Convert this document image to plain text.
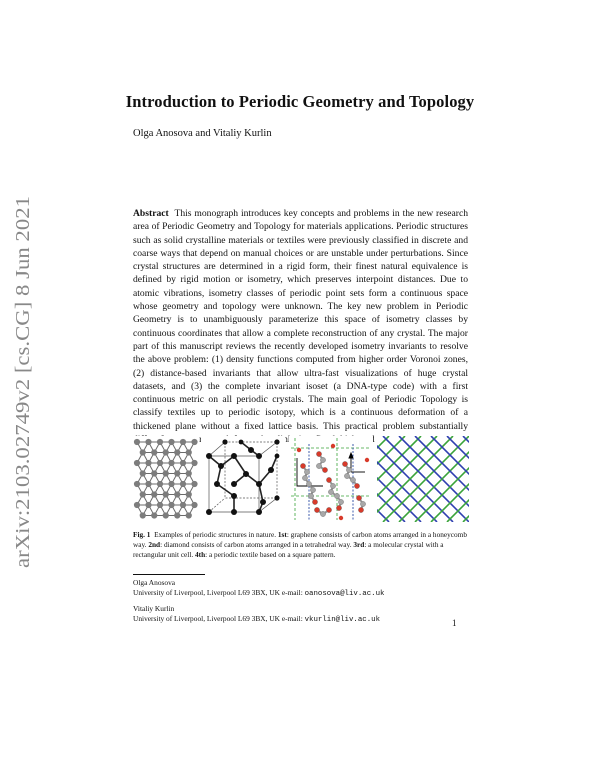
arXiv:2103.02749v2 [cs.CG] 8 Jun 2021
Introduction to Periodic Geometry and Topology
Olga Anosova and Vitaliy Kurlin
Abstract This monograph introduces key concepts and problems in the new research area of Periodic Geometry and Topology for materials applications. Periodic structures such as solid crystalline materials or textiles were previously classified in discrete and coarse ways that depend on manual choices or are unstable under perturbations. Since crystal structures are determined in a rigid form, their finest natural equivalence is defined by rigid motion or isometry, which preserves interpoint distances. Due to atomic vibrations, isometry classes of periodic point sets form a continuous space whose geometry and topology were unknown. The key new problem in Periodic Geometry is to unambiguously parameterize this space of isometry classes by continuous coordinates that allow a complete reconstruction of any crystal. The major part of this manuscript reviews the recently developed isometry invariants to resolve the above problem: (1) density functions computed from higher order Voronoi zones, (2) distance-based invariants that allow ultra-fast visualizations of huge crystal datasets, and (3) the complete invariant isoset (a DNA-type code) with a first continuous metric on all periodic crystals. The main goal of Periodic Topology is classify textiles up to periodic isotopy, which is a continuous deformation of a thickened plane without a fixed lattice basis. This practical problem substantially links
Fig. 1 Examples of periodic structures in nature. 1st: graphene consists of carbon atoms arranged in a honeycomb way. 2nd: diamond consists of carbon atoms arranged in a tetrahedral way. 3rd: a molecular crystal with a rectangular unit cell. 4th: a periodic textile based on a square pattern.
Olga Anosova
University of Liverpool, Liverpool L69 3BX, UK e-mail: oanosova@liv.ac.uk
Vitaliy Kurlin
University of Liverpool, Liverpool L69 3BX, UK e-mail: vkurlin@liv.ac.uk	1
